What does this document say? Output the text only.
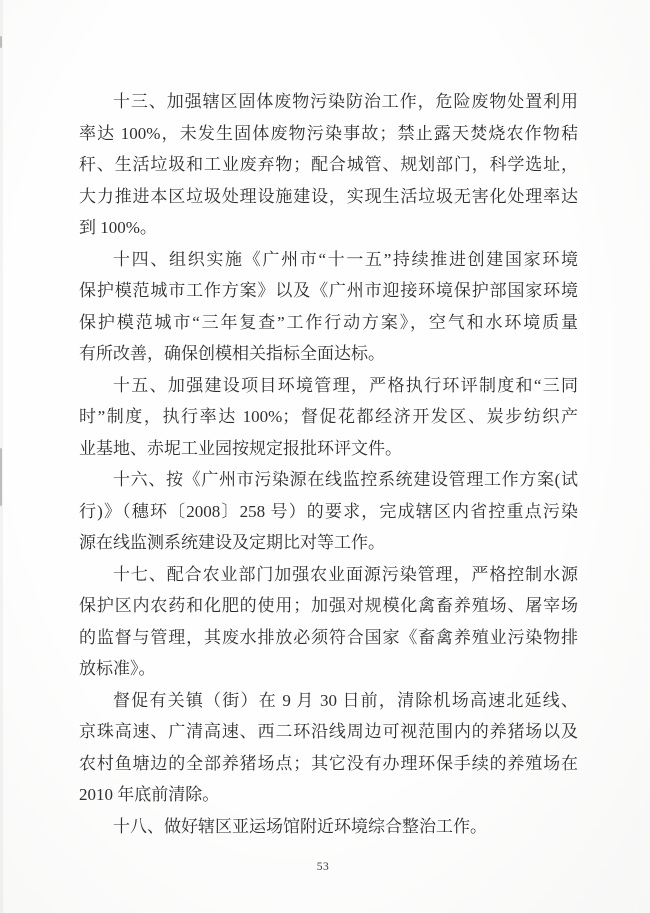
十三、加强辖区固体废物污染防治工作，危险废物处置利用
率达 100%，未发生固体废物污染事故；禁止露天焚烧农作物秸
秆、生活垃圾和工业废弃物；配合城管、规划部门，科学选址，
大力推进本区垃圾处理设施建设，实现生活垃圾无害化处理率达
到 100%。
十四、组织实施《广州市“十一五”持续推进创建国家环境
保护模范城市工作方案》以及《广州市迎接环境保护部国家环境
保护模范城市“三年复查”工作行动方案》，空气和水环境质量
有所改善，确保创模相关指标全面达标。
十五、加强建设项目环境管理，严格执行环评制度和“三同
时”制度，执行率达 100%；督促花都经济开发区、炭步纺织产
业基地、赤坭工业园按规定报批环评文件。
十六、按《广州市污染源在线监控系统建设管理工作方案(试
行)》（穗环〔2008〕258 号）的要求，完成辖区内省控重点污染
源在线监测系统建设及定期比对等工作。
十七、配合农业部门加强农业面源污染管理，严格控制水源
保护区内农药和化肥的使用；加强对规模化禽畜养殖场、屠宰场
的监督与管理，其废水排放必须符合国家《畜禽养殖业污染物排
放标准》。
督促有关镇（街）在 9 月 30 日前，清除机场高速北延线、
京珠高速、广清高速、西二环沿线周边可视范围内的养猪场以及
农村鱼塘边的全部养猪场点；其它没有办理环保手续的养殖场在
2010 年底前清除。
十八、做好辖区亚运场馆附近环境综合整治工作。
53
